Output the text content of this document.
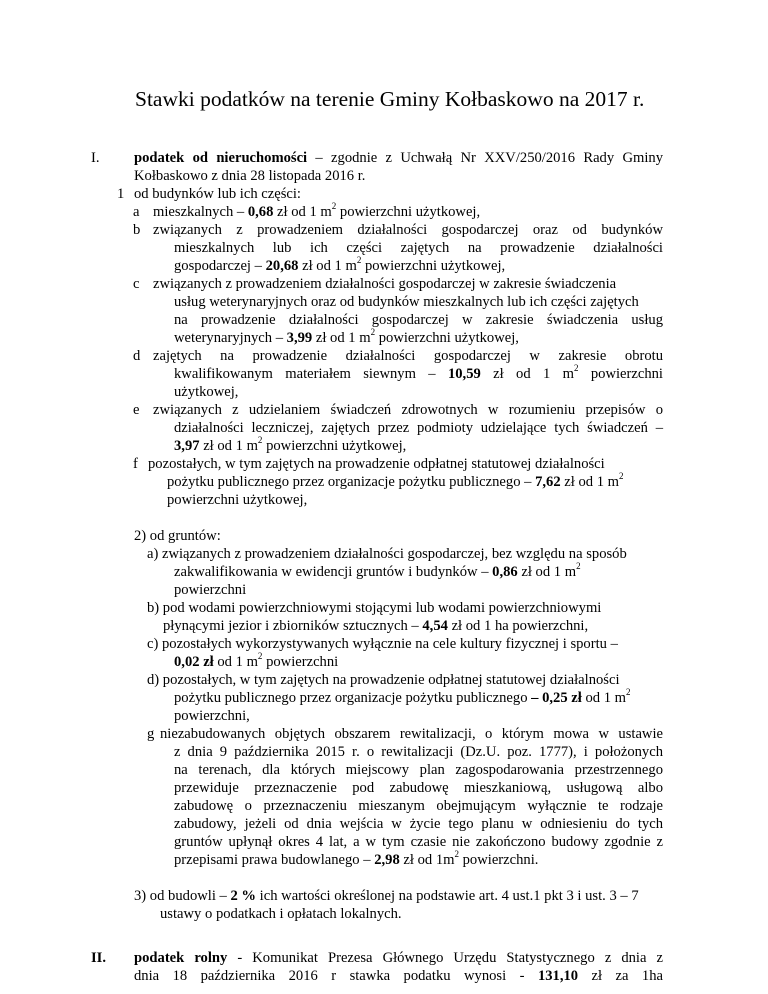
Stawki podatków na terenie Gminy Kołbaskowo na 2017 r.
I. podatek od nieruchomości – zgodnie z Uchwałą Nr XXV/250/2016 Rady Gminy
Kołbaskowo z dnia 28 listopada 2016 r.
1 od budynków lub ich części:
a mieszkalnych – 0,68 zł od 1 $m^2$ powierzchni użytkowej,
b związanych z prowadzeniem działalności gospodarczej oraz od budynków
mieszkalnych lub ich części zajętych na prowadzenie działalności
gospodarczej – 20,68 zł od 1 $m^2$ powierzchni użytkowej,
c związanych z prowadzeniem działalności gospodarczej w zakresie świadczenia
usług weterynaryjnych oraz od budynków mieszkalnych lub ich części zajętych
na prowadzenie działalności gospodarczej w zakresie świadczenia usług
weterynaryjnych – 3,99 zł od 1 $m^2$ powierzchni użytkowej,
d zajętych na prowadzenie działalności gospodarczej w zakresie obrotu
kwalifikowanym materiałem siewnym – 10,59 zł od 1 $m^2$ powierzchni
użytkowej,
e związanych z udzielaniem świadczeń zdrowotnych w rozumieniu przepisów o
działalności leczniczej, zajętych przez podmioty udzielające tych świadczeń –
3,97 zł od 1 $m^2$ powierzchni użytkowej,
f pozostałych, w tym zajętych na prowadzenie odpłatnej statutowej działalności
pożytku publicznego przez organizacje pożytku publicznego – 7,62 zł od 1 $m^2$
powierzchni użytkowej,
2) od gruntów:
a) związanych z prowadzeniem działalności gospodarczej, bez względu na sposób
zakwalifikowania w ewidencji gruntów i budynków – 0,86 zł od 1 $m^2$
powierzchni
b) pod wodami powierzchniowymi stojącymi lub wodami powierzchniowymi
płynącymi jezior i zbiorników sztucznych – 4,54 zł od 1 ha powierzchni,
c) pozostałych wykorzystywanych wyłącznie na cele kultury fizycznej i sportu –
0,02 zł od 1 $m^2$ powierzchni
d) pozostałych, w tym zajętych na prowadzenie odpłatnej statutowej działalności
pożytku publicznego przez organizacje pożytku publicznego – 0,25 zł od 1 $m^2$
powierzchni,
g niezabudowanych objętych obszarem rewitalizacji, o którym mowa w ustawie
z dnia 9 października 2015 r. o rewitalizacji (Dz.U. poz. 1777), i położonych
na terenach, dla których miejscowy plan zagospodarowania przestrzennego
przewiduje przeznaczenie pod zabudowę mieszkaniową, usługową albo
zabudowę o przeznaczeniu mieszanym obejmującym wyłącznie te rodzaje
zabudowy, jeżeli od dnia wejścia w życie tego planu w odniesieniu do tych
gruntów upłynął okres 4 lat, a w tym czasie nie zakończono budowy zgodnie z
przepisami prawa budowlanego – 2,98 zł od $1m^2$ powierzchni.
3) od budowli – 2 % ich wartości określonej na podstawie art. 4 ust.1 pkt 3 i ust. 3 – 7
ustawy o podatkach i opłatach lokalnych.
II. podatek rolny - Komunikat Prezesa Głównego Urzędu Statystycznego z dnia z
dnia 18 października 2016 r stawka podatku wynosi - 131,10 zł za 1ha
